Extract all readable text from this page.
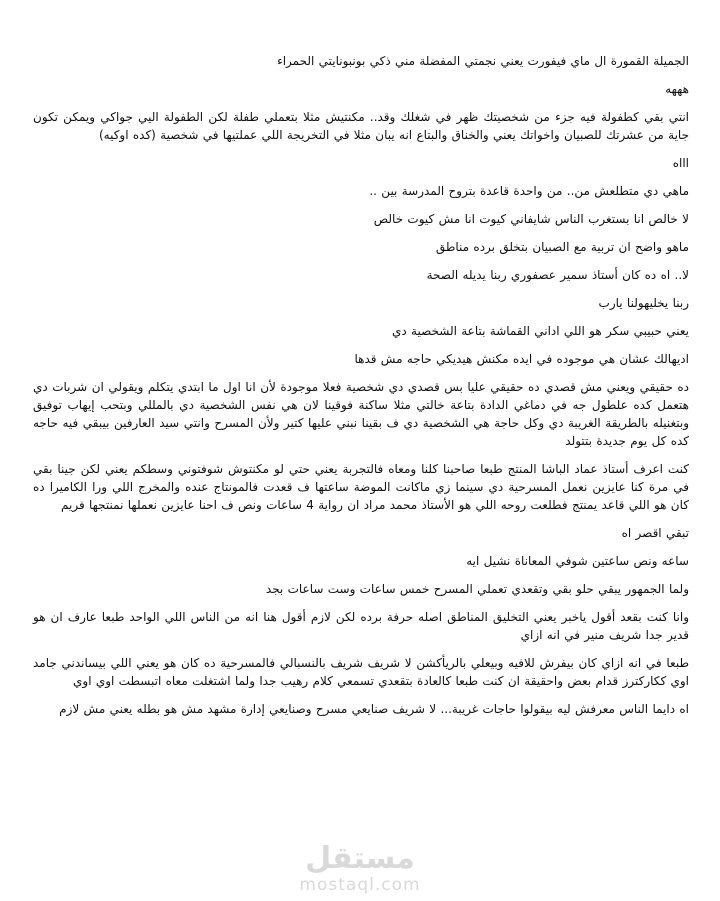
الجميلة القمورة ال ماي فيفورت يعني نجمتي المفضلة مني ذكي بونبونايتي الحمراء

هههه

انتي بقي كطفولة فيه جزء من شخصيتك ظهر في شغلك وقد.. مكنتيش مثلا بتعملي طفلة لكن الطفولة اليي جواكي ويمكن تكون جاية من عشرتك للصبيان واخواتك يعني والخناق والبتاع انه يبان مثلا في التخريجة اللي عملتيها في شخصية (كده اوكيه)

اااه

ماهي دي متطلعش من.. من واحدة قاعدة بتروح المدرسة بين ..

لا خالص انا بستغرب الناس شايفاني كيوت انا مش كيوت خالص

ماهو واضح ان تربية مع الصبيان بتخلق برده مناطق

لا.. اه ده كان أستاذ سمير عصفوري ربنا يديله الصحة

ربنا يخليهولنا يارب

يعني حبيبي سكر هو اللي اداني القماشة بتاعة الشخصية دي

اديهالك عشان هي موجوده في ايده مكنش هيديكي حاجه مش قدها

ده حقيقي ويعني مش قصدي ده حقيقي عليا بس قصدي دي شخصية فعلا موجودة لأن انا اول ما ابتدي يتكلم ويقولي ان شربات دي هتعمل كده علطول جه في دماغي الدادة بتاعة خالتي مثلا ساكنة فوقينا لان هي نفس الشخصية دي بالمللي وبتحب إيهاب توفيق وبتغنيله بالطريقة الغريبة دي وكل حاجة هي الشخصية دي ف بقينا نبني عليها كتير ولأن المسرح وانتي سيد العارفين بيبقي فيه حاجه كده كل يوم جديدة بتتولد

كنت اعرف أستاذ عماد الباشا المنتج طبعا صاحبنا كلنا ومعاه فالتجربة يعني حتي لو مكنتوش شوفتوني وسطكم يعني لكن جينا بقي في مرة كنا عايزين نعمل المسرحية دي سينما زي ماكانت الموضة ساعتها ف قعدت فالمونتاج عنده والمخرج اللي ورا الكاميرا ده كان هو اللي قاعد يمنتج فطلعت روحه اللي هو الأستاذ محمد مراد ان رواية 4 ساعات ونص ف احنا عايزين نعملها نمنتجها فريم

تبقي اقصر اه

ساعه ونص ساعتين شوفي المعاناة نشيل ايه

ولما الجمهور يبقي حلو بقي وتقعدي تعملي المسرح خمس ساعات وست ساعات بجد

وانا كنت بقعد أقول ياخبر يعني التخليق المناطق اصله حرفة برده لكن لازم أقول هنا انه من الناس اللي الواحد طبعا عارف ان هو قدير جدا شريف منير في انه ازاي

طبعا في انه ازاي كان بيفرش للافيه وبيعلي بالريأكشن لا شريف شريف بالنسبالي فالمسرحية ده كان هو يعني اللي بيساندني جامد اوي ككاركترز قدام بعض واحقيقة ان كنت طبعا كالعادة بتقعدي تسمعي كلام رهيب جدا ولما اشتغلت معاه اتبسطت اوي اوي

اه دايما الناس معرفش ليه بيقولوا حاجات غريبة... لا شريف صنايعي مسرح وصنايعي إدارة مشهد مش هو بطله يعني مش لازم

مستقل
mostaql.com
